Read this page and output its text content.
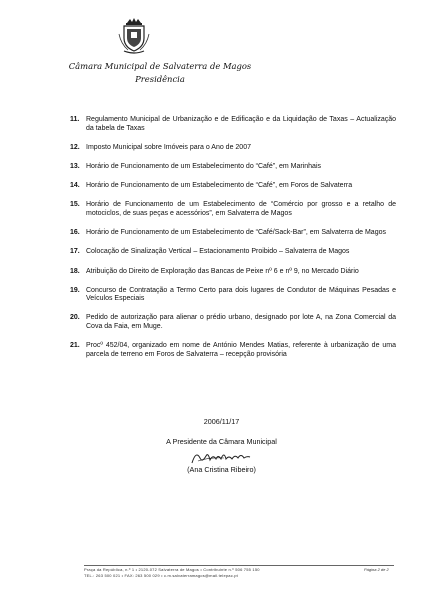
Câmara Municipal de Salvaterra de Magos
Presidência
11. Regulamento Municipal de Urbanização e de Edificação e da Liquidação de Taxas – Actualização da tabela de Taxas
12. Imposto Municipal sobre Imóveis para o Ano de 2007
13. Horário de Funcionamento de um Estabelecimento do “Café”, em Marinhais
14. Horário de Funcionamento de um Estabelecimento de “Café”, em Foros de Salvaterra
15. Horário de Funcionamento de um Estabelecimento de “Comércio por grosso e a retalho de motociclos, de suas peças e acessórios”, em Salvaterra de Magos
16. Horário de Funcionamento de um Estabelecimento de “Café/Sack-Bar”, em Salvaterra de Magos
17. Colocação de Sinalização Vertical – Estacionamento Proibido – Salvaterra de Magos
18. Atribuição do Direito de Exploração das Bancas de Peixe nº 6 e nº 9, no Mercado Diário
19. Concurso de Contratação a Termo Certo para dois lugares de Condutor de Máquinas Pesadas e Veículos Especiais
20. Pedido de autorização para alienar o prédio urbano, designado por lote A, na Zona Comercial da Cova da Faia, em Muge.
21. Procº 452/04, organizado em nome de António Mendes Matias, referente à urbanização de uma parcela de terreno em Foros de Salvaterra – recepção provisória
2006/11/17
A Presidente da Câmara Municipal
(Ana Cristina Ribeiro)
Praça da República, n.º 1 • 2120-072 Salvaterra de Magos • Contribuinte n.º 506 755 150
TEL.: 263 500 021 • FAX: 263 500 029 • c.m.salvaterramagos@mail.telepac.pt
Página 2 de 2
